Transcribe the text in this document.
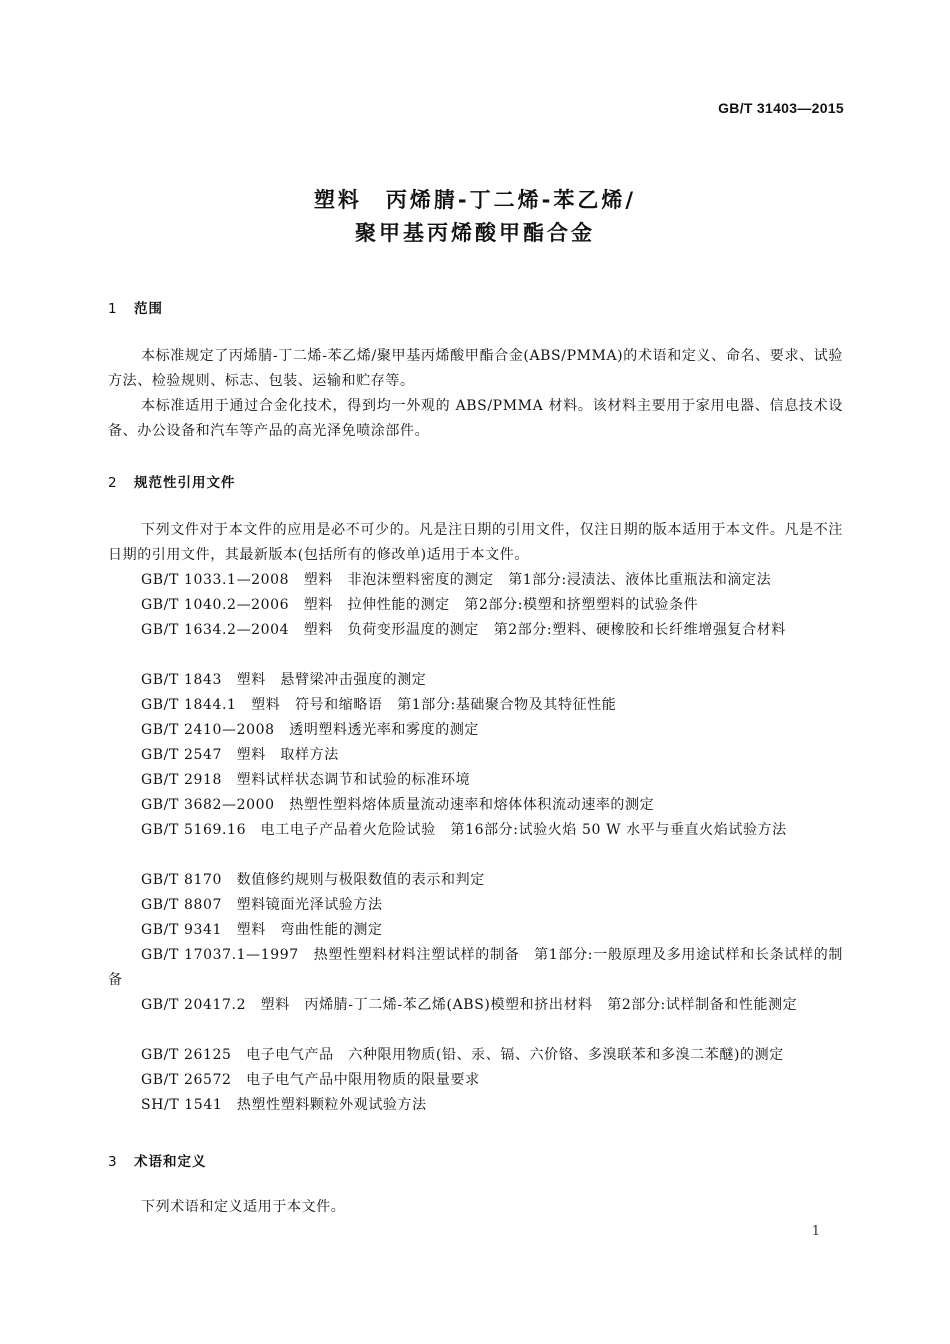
GB/T 31403—2015
塑料　丙烯腈-丁二烯-苯乙烯/
聚甲基丙烯酸甲酯合金
1 范围
本标准规定了丙烯腈-丁二烯-苯乙烯/聚甲基丙烯酸甲酯合金(ABS/PMMA)的术语和定义、命名、要求、试验方法、检验规则、标志、包装、运输和贮存等。
本标准适用于通过合金化技术，得到均一外观的 ABS/PMMA 材料。该材料主要用于家用电器、信息技术设备、办公设备和汽车等产品的高光泽免喷涂部件。
2 规范性引用文件
下列文件对于本文件的应用是必不可少的。凡是注日期的引用文件，仅注日期的版本适用于本文件。凡是不注日期的引用文件，其最新版本(包括所有的修改单)适用于本文件。
GB/T 1033.1—2008　塑料　非泡沫塑料密度的测定　第1部分:浸渍法、液体比重瓶法和滴定法
GB/T 1040.2—2006　塑料　拉伸性能的测定　第2部分:模塑和挤塑塑料的试验条件
GB/T 1634.2—2004　塑料　负荷变形温度的测定　第2部分:塑料、硬橡胶和长纤维增强复合材料
GB/T 1843　塑料　悬臂梁冲击强度的测定
GB/T 1844.1　塑料　符号和缩略语　第1部分:基础聚合物及其特征性能
GB/T 2410—2008　透明塑料透光率和雾度的测定
GB/T 2547　塑料　取样方法
GB/T 2918　塑料试样状态调节和试验的标准环境
GB/T 3682—2000　热塑性塑料熔体质量流动速率和熔体体积流动速率的测定
GB/T 5169.16　电工电子产品着火危险试验　第16部分:试验火焰 50 W 水平与垂直火焰试验方法
GB/T 8170　数值修约规则与极限数值的表示和判定
GB/T 8807　塑料镜面光泽试验方法
GB/T 9341　塑料　弯曲性能的测定
GB/T 17037.1—1997　热塑性塑料材料注塑试样的制备　第1部分:一般原理及多用途试样和长条试样的制备
GB/T 20417.2　塑料　丙烯腈-丁二烯-苯乙烯(ABS)模塑和挤出材料　第2部分:试样制备和性能测定
GB/T 26125　电子电气产品　六种限用物质(铅、汞、镉、六价铬、多溴联苯和多溴二苯醚)的测定
GB/T 26572　电子电气产品中限用物质的限量要求
SH/T 1541　热塑性塑料颗粒外观试验方法
3 术语和定义
下列术语和定义适用于本文件。
1
